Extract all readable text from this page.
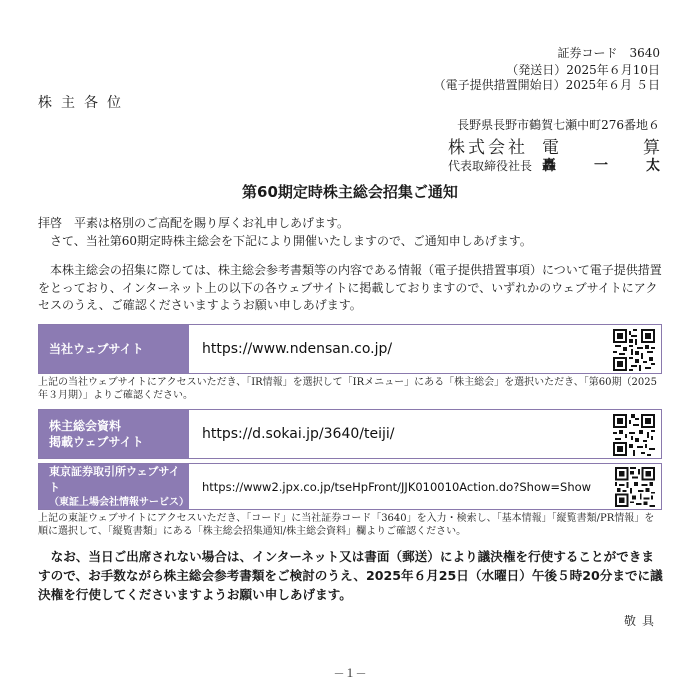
証券コード　3640
（発送日）2025年６月10日
（電子提供措置開始日）2025年６月 ５日
株主各位
長野県長野市鶴賀七瀬中町276番地６
株式会社 電算
代表取締役社長 轟一太
第60期定時株主総会招集ご通知
拝啓　平素は格別のご高配を賜り厚くお礼申しあげます。
　さて、当社第60期定時株主総会を下記により開催いたしますので、ご通知申しあげます。
　本株主総会の招集に際しては、株主総会参考書類等の内容である情報（電子提供措置事項）について電子提供措置をとっており、インターネット上の以下の各ウェブサイトに掲載しておりますので、いずれかのウェブサイトにアクセスのうえ、ご確認くださいますようお願い申しあげます。
当社ウェブサイト	https://www.ndensan.co.jp/
上記の当社ウェブサイトにアクセスいただき、「IR情報」を選択して「IRメニュー」にある「株主総会」を選択いただき、「第60期（2025年３月期）」よりご確認ください。
株主総会資料
掲載ウェブサイト	https://d.sokai.jp/3640/teiji/
東京証券取引所ウェブサイト
（東証上場会社情報サービス）
https://www2.jpx.co.jp/tseHpFront/JJK010010Action.do?Show=Show
上記の東証ウェブサイトにアクセスいただき、「コード」に当社証券コード「3640」を入力・検索し、「基本情報」「縦覧書類/PR情報」を順に選択して、「縦覧書類」にある「株主総会招集通知/株主総会資料」欄よりご確認ください。
　なお、当日ご出席されない場合は、インターネット又は書面（郵送）により議決権を行使することができますので、お手数ながら株主総会参考書類をご検討のうえ、2025年６月25日（水曜日）午後５時20分までに議決権を行使してくださいますようお願い申しあげます。
敬具
－１－
